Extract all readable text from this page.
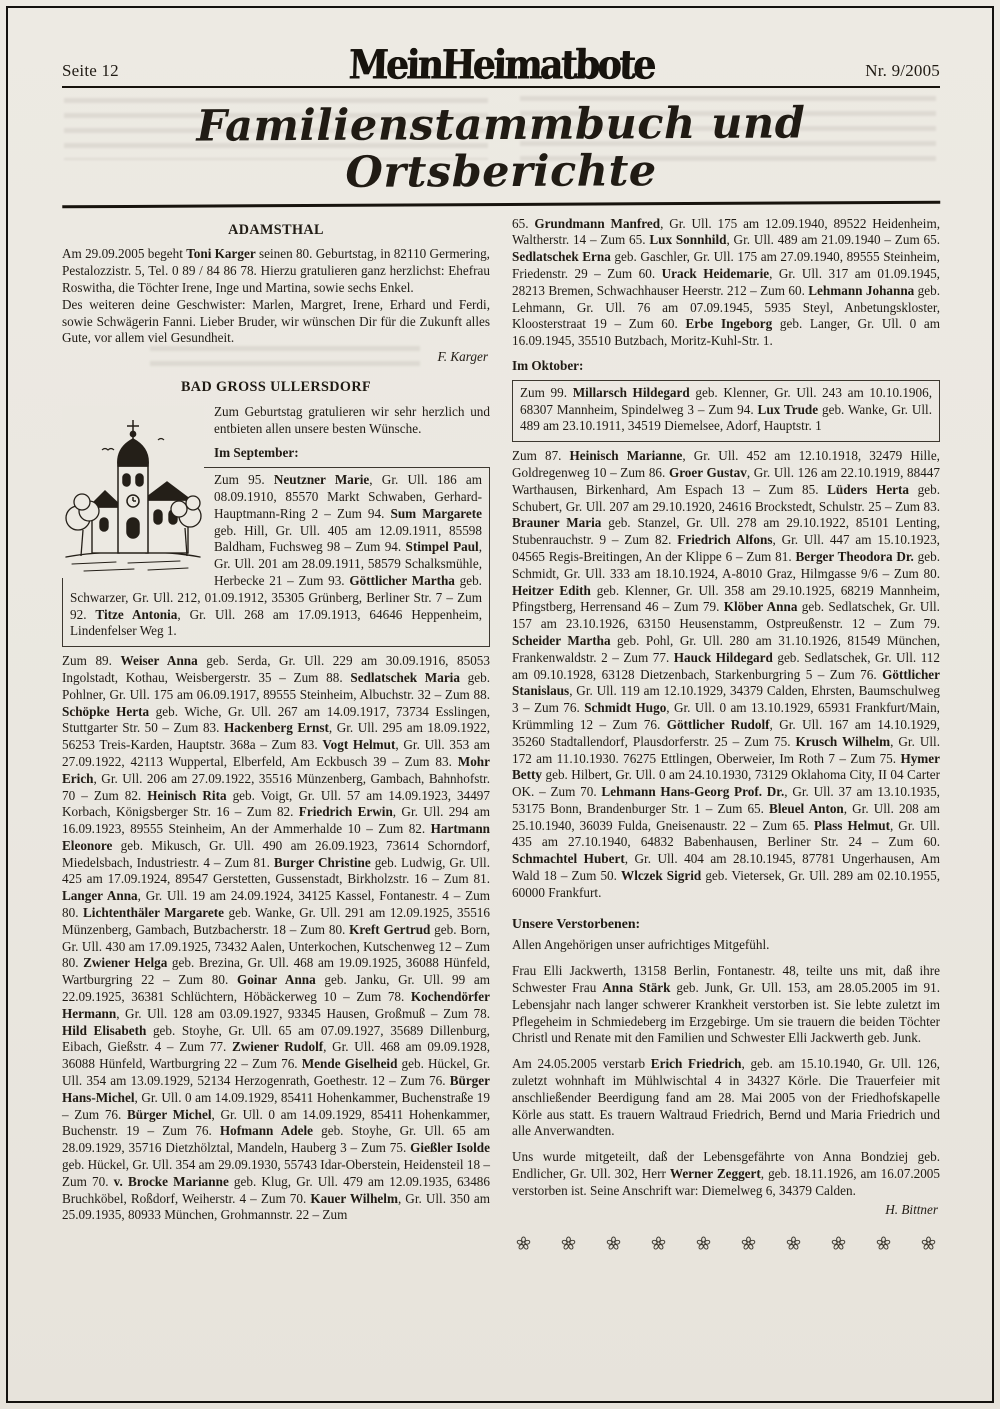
Seite 12	MeinHeimatbote	Nr. 9/2005
Familienstammbuch und Ortsberichte
ADAMSTHAL

Am 29.09.2005 begeht Toni Karger seinen 80. Geburtstag, in 82110 Germering, Pestalozzistr. 5, Tel. 0 89 / 84 86 78. Hierzu gratulieren ganz herzlichst: Ehefrau Roswitha, die Töchter Irene, Inge und Martina, sowie sechs Enkel.

Des weiteren deine Geschwister: Marlen, Margret, Irene, Erhard und Ferdi, sowie Schwägerin Fanni. Lieber Bruder, wir wünschen Dir für die Zukunft alles Gute, vor allem viel Gesundheit.

F. Karger

BAD GROSS ULLERSDORF

Zum Geburtstag gratulieren wir sehr herzlich und entbieten allen unsere besten Wünsche.

Im September:

Zum 95. Neutzner Marie, Gr. Ull. 186 am 08.09.1910, 85570 Markt Schwaben, Gerhard-Hauptmann-Ring 2 – Zum 94. Sum Margarete geb. Hill, Gr. Ull. 405 am 12.09.1911, 85598 Baldham, Fuchsweg 98 – Zum 94. Stimpel Paul, Gr. Ull. 201 am 28.09.1911, 58579 Schalksmühle, Herbecke 21 – Zum 93. Göttlicher Martha geb. Schwarzer, Gr. Ull. 212, 01.09.1912, 35305 Grünberg, Berliner Str. 7 – Zum 92. Titze Antonia, Gr. Ull. 268 am 17.09.1913, 64646 Heppenheim, Lindenfelser Weg 1.

Zum 89. Weiser Anna geb. Serda, Gr. Ull. 229 am 30.09.1916, 85053 Ingolstadt, Kothau, Weisbergerstr. 35 – Zum 88. Sedlatschek Maria geb. Pohlner, Gr. Ull. 175 am 06.09.1917, 89555 Steinheim, Albuchstr. 32 – Zum 88. Schöpke Herta geb. Wiche, Gr. Ull. 267 am 14.09.1917, 73734 Esslingen, Stuttgarter Str. 50 – Zum 83. Hackenberg Ernst, Gr. Ull. 295 am 18.09.1922, 56253 Treis-Karden, Hauptstr. 368a – Zum 83. Vogt Helmut, Gr. Ull. 353 am 27.09.1922, 42113 Wuppertal, Elberfeld, Am Eckbusch 39 – Zum 83. Mohr Erich, Gr. Ull. 206 am 27.09.1922, 35516 Münzenberg, Gambach, Bahnhofstr. 70 – Zum 82. Heinisch Rita geb. Voigt, Gr. Ull. 57 am 14.09.1923, 34497 Korbach, Königsberger Str. 16 – Zum 82. Friedrich Erwin, Gr. Ull. 294 am 16.09.1923, 89555 Steinheim, An der Ammerhalde 10 – Zum 82. Hartmann Eleonore geb. Mikusch, Gr. Ull. 490 am 26.09.1923, 73614 Schorndorf, Miedelsbach, Industriestr. 4 – Zum 81. Burger Christine geb. Ludwig, Gr. Ull. 425 am 17.09.1924, 89547 Gerstetten, Gussenstadt, Birkholzstr. 16 – Zum 81. Langer Anna, Gr. Ull. 19 am 24.09.1924, 34125 Kassel, Fontanestr. 4 – Zum 80. Lichtenthäler Margarete geb. Wanke, Gr. Ull. 291 am 12.09.1925, 35516 Münzenberg, Gambach, Butzbacherstr. 18 – Zum 80. Kreft Gertrud geb. Born, Gr. Ull. 430 am 17.09.1925, 73432 Aalen, Unterkochen, Kutschenweg 12 – Zum 80. Zwiener Helga geb. Brezina, Gr. Ull. 468 am 19.09.1925, 36088 Hünfeld, Wartburgring 22 – Zum 80. Goinar Anna geb. Janku, Gr. Ull. 99 am 22.09.1925, 36381 Schlüchtern, Höbäckerweg 10 – Zum 78. Kochendörfer Hermann, Gr. Ull. 128 am 03.09.1927, 93345 Hausen, Großmuß – Zum 78. Hild Elisabeth geb. Stoyhe, Gr. Ull. 65 am 07.09.1927, 35689 Dillenburg, Eibach, Gießstr. 4 – Zum 77. Zwiener Rudolf, Gr. Ull. 468 am 09.09.1928, 36088 Hünfeld, Wartburgring 22 – Zum 76. Mende Giselheid geb. Hückel, Gr. Ull. 354 am 13.09.1929, 52134 Herzogenrath, Goethestr. 12 – Zum 76. Bürger Hans-Michel, Gr. Ull. 0 am 14.09.1929, 85411 Hohenkammer, Buchenstraße 19 – Zum 76. Bürger Michel, Gr. Ull. 0 am 14.09.1929, 85411 Hohenkammer, Buchenstr. 19 – Zum 76. Hofmann Adele geb. Stoyhe, Gr. Ull. 65 am 28.09.1929, 35716 Dietzhölztal, Mandeln, Hauberg 3 – Zum 75. Gießler Isolde geb. Hückel, Gr. Ull. 354 am 29.09.1930, 55743 Idar-Oberstein, Heidensteil 18 – Zum 70. v. Brocke Marianne geb. Klug, Gr. Ull. 479 am 12.09.1935, 63486 Bruchköbel, Roßdorf, Weiherstr. 4 – Zum 70. Kauer Wilhelm, Gr. Ull. 350 am 25.09.1935, 80933 München, Grohmannstr. 22 – Zum

65. Grundmann Manfred, Gr. Ull. 175 am 12.09.1940, 89522 Heidenheim, Waltherstr. 14 – Zum 65. Lux Sonnhild, Gr. Ull. 489 am 21.09.1940 – Zum 65. Sedlatschek Erna geb. Gaschler, Gr. Ull. 175 am 27.09.1940, 89555 Steinheim, Friedenstr. 29 – Zum 60. Urack Heidemarie, Gr. Ull. 317 am 01.09.1945, 28213 Bremen, Schwachhauser Heerstr. 212 – Zum 60. Lehmann Johanna geb. Lehmann, Gr. Ull. 76 am 07.09.1945, 5935 Steyl, Anbetungskloster, Kloosterstraat 19 – Zum 60. Erbe Ingeborg geb. Langer, Gr. Ull. 0 am 16.09.1945, 35510 Butzbach, Moritz-Kuhl-Str. 1.

Im Oktober:

Zum 99. Millarsch Hildegard geb. Klenner, Gr. Ull. 243 am 10.10.1906, 68307 Mannheim, Spindelweg 3 – Zum 94. Lux Trude geb. Wanke, Gr. Ull. 489 am 23.10.1911, 34519 Diemelsee, Adorf, Hauptstr. 1

Zum 87. Heinisch Marianne, Gr. Ull. 452 am 12.10.1918, 32479 Hille, Goldregenweg 10 – Zum 86. Groer Gustav, Gr. Ull. 126 am 22.10.1919, 88447 Warthausen, Birkenhard, Am Espach 13 – Zum 85. Lüders Herta geb. Schubert, Gr. Ull. 207 am 29.10.1920, 24616 Brockstedt, Schulstr. 25 – Zum 83. Brauner Maria geb. Stanzel, Gr. Ull. 278 am 29.10.1922, 85101 Lenting, Stubenrauchstr. 9 – Zum 82. Friedrich Alfons, Gr. Ull. 447 am 15.10.1923, 04565 Regis-Breitingen, An der Klippe 6 – Zum 81. Berger Theodora Dr. geb. Schmidt, Gr. Ull. 333 am 18.10.1924, A-8010 Graz, Hilmgasse 9/6 – Zum 80. Heitzer Edith geb. Klenner, Gr. Ull. 358 am 29.10.1925, 68219 Mannheim, Pfingstberg, Herrensand 46 – Zum 79. Klöber Anna geb. Sedlatschek, Gr. Ull. 157 am 23.10.1926, 63150 Heusenstamm, Ostpreußenstr. 12 – Zum 79. Scheider Martha geb. Pohl, Gr. Ull. 280 am 31.10.1926, 81549 München, Frankenwaldstr. 2 – Zum 77. Hauck Hildegard geb. Sedlatschek, Gr. Ull. 112 am 09.10.1928, 63128 Dietzenbach, Starkenburgring 5 – Zum 76. Göttlicher Stanislaus, Gr. Ull. 119 am 12.10.1929, 34379 Calden, Ehrsten, Baumschulweg 3 – Zum 76. Schmidt Hugo, Gr. Ull. 0 am 13.10.1929, 65931 Frankfurt/Main, Krümmling 12 – Zum 76. Göttlicher Rudolf, Gr. Ull. 167 am 14.10.1929, 35260 Stadtallendorf, Plausdorferstr. 25 – Zum 75. Krusch Wilhelm, Gr. Ull. 172 am 11.10.1930. 76275 Ettlingen, Oberweier, Im Roth 7 – Zum 75. Hymer Betty geb. Hilbert, Gr. Ull. 0 am 24.10.1930, 73129 Oklahoma City, II 04 Carter OK. – Zum 70. Lehmann Hans-Georg Prof. Dr., Gr. Ull. 37 am 13.10.1935, 53175 Bonn, Brandenburger Str. 1 – Zum 65. Bleuel Anton, Gr. Ull. 208 am 25.10.1940, 36039 Fulda, Gneisenaustr. 22 – Zum 65. Plass Helmut, Gr. Ull. 435 am 27.10.1940, 64832 Babenhausen, Berliner Str. 24 – Zum 60. Schmachtel Hubert, Gr. Ull. 404 am 28.10.1945, 87781 Ungerhausen, Am Wald 18 – Zum 50. Wlczek Sigrid geb. Vietersek, Gr. Ull. 289 am 02.10.1955, 60000 Frankfurt.

Unsere Verstorbenen:

Allen Angehörigen unser aufrichtiges Mitgefühl.

Frau Elli Jackwerth, 13158 Berlin, Fontanestr. 48, teilte uns mit, daß ihre Schwester Frau Anna Stärk geb. Junk, Gr. Ull. 153, am 28.05.2005 im 91. Lebensjahr nach langer schwerer Krankheit verstorben ist. Sie lebte zuletzt im Pflegeheim in Schmiedeberg im Erzgebirge. Um sie trauern die beiden Töchter Christl und Renate mit den Familien und Schwester Elli Jackwerth geb. Junk.

Am 24.05.2005 verstarb Erich Friedrich, geb. am 15.10.1940, Gr. Ull. 126, zuletzt wohnhaft im Mühlwischtal 4 in 34327 Körle. Die Trauerfeier mit anschließender Beerdigung fand am 28. Mai 2005 von der Friedhofskapelle Körle aus statt. Es trauern Waltraud Friedrich, Bernd und Maria Friedrich und alle Anverwandten.

Uns wurde mitgeteilt, daß der Lebensgefährte von Anna Bondziej geb. Endlicher, Gr. Ull. 302, Herr Werner Zeggert, geb. 18.11.1926, am 16.07.2005 verstorben ist. Seine Anschrift war: Diemelweg 6, 34379 Calden.

H. Bittner
